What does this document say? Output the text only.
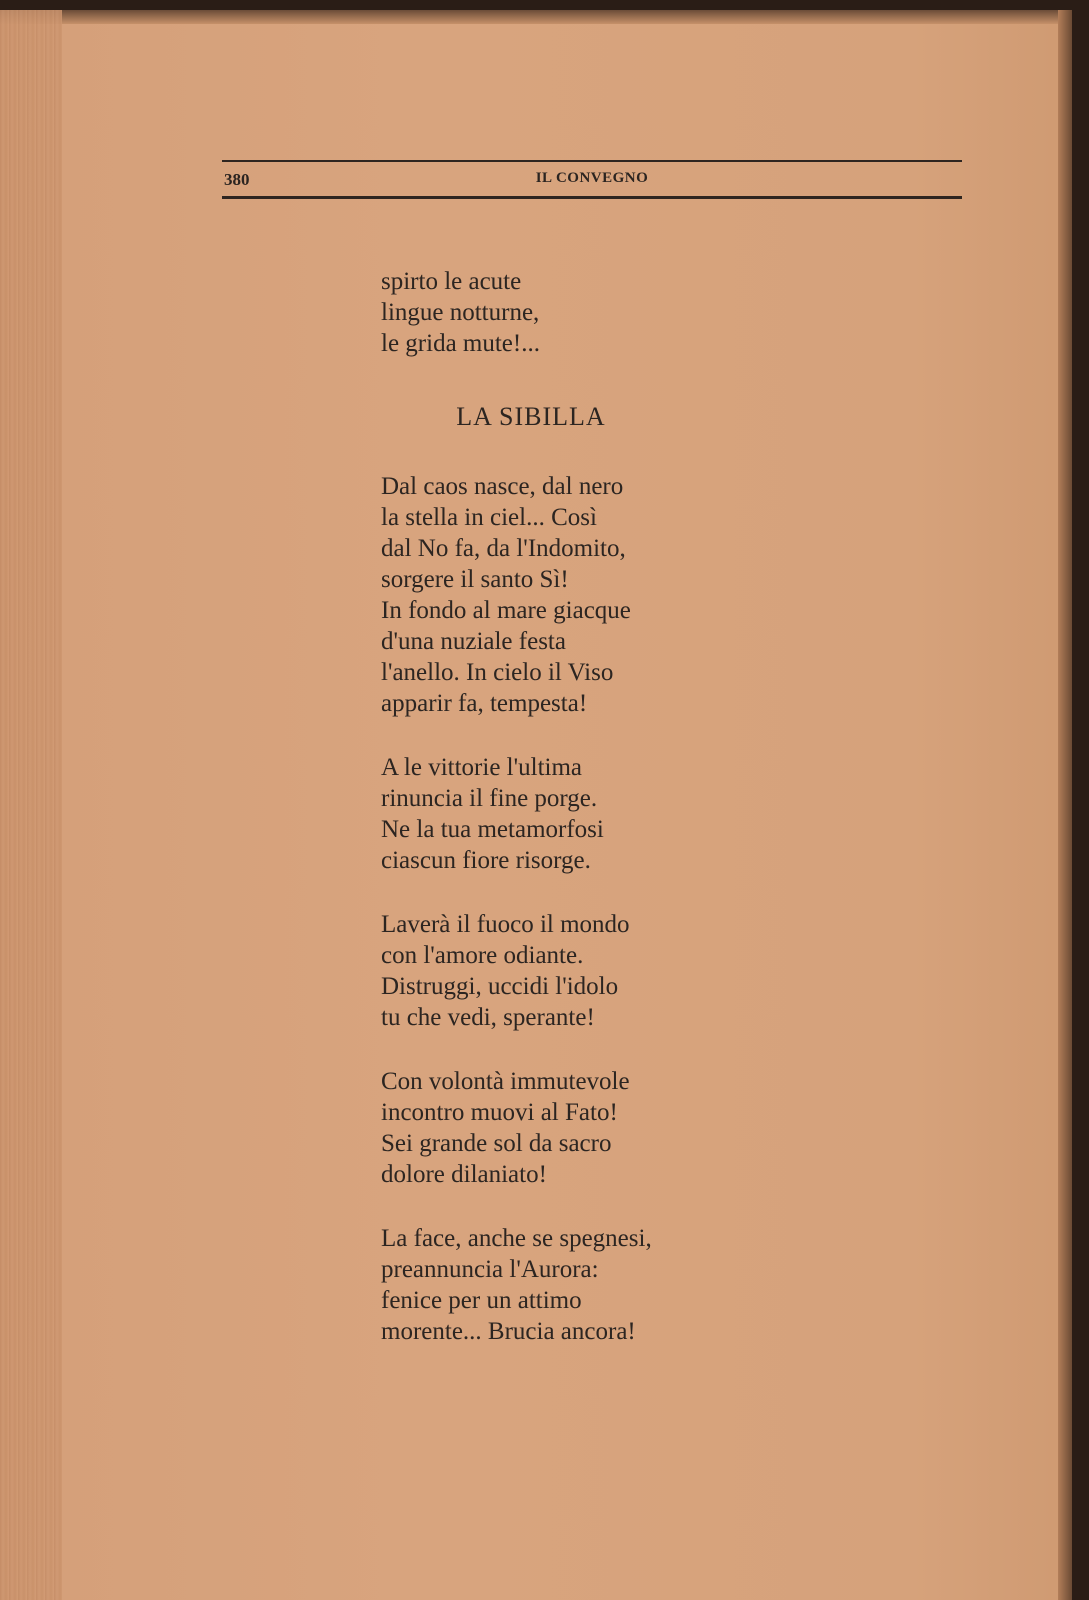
380	IL CONVEGNO
spirto le acute
lingue notturne,
le grida mute!...
LA SIBILLA
Dal caos nasce, dal nero
la stella in ciel... Così
dal No fa, da l'Indomito,
sorgere il santo Sì!
In fondo al mare giacque
d'una nuziale festa
l'anello. In cielo il Viso
apparir fa, tempesta!
A le vittorie l'ultima
rinuncia il fine porge.
Ne la tua metamorfosi
ciascun fiore risorge.
Laverà il fuoco il mondo
con l'amore odiante.
Distruggi, uccidi l'idolo
tu che vedi, sperante!
Con volontà immutevole
incontro muovi al Fato!
Sei grande sol da sacro
dolore dilaniato!
La face, anche se spegnesi,
preannuncia l'Aurora:
fenice per un attimo
morente... Brucia ancora!
